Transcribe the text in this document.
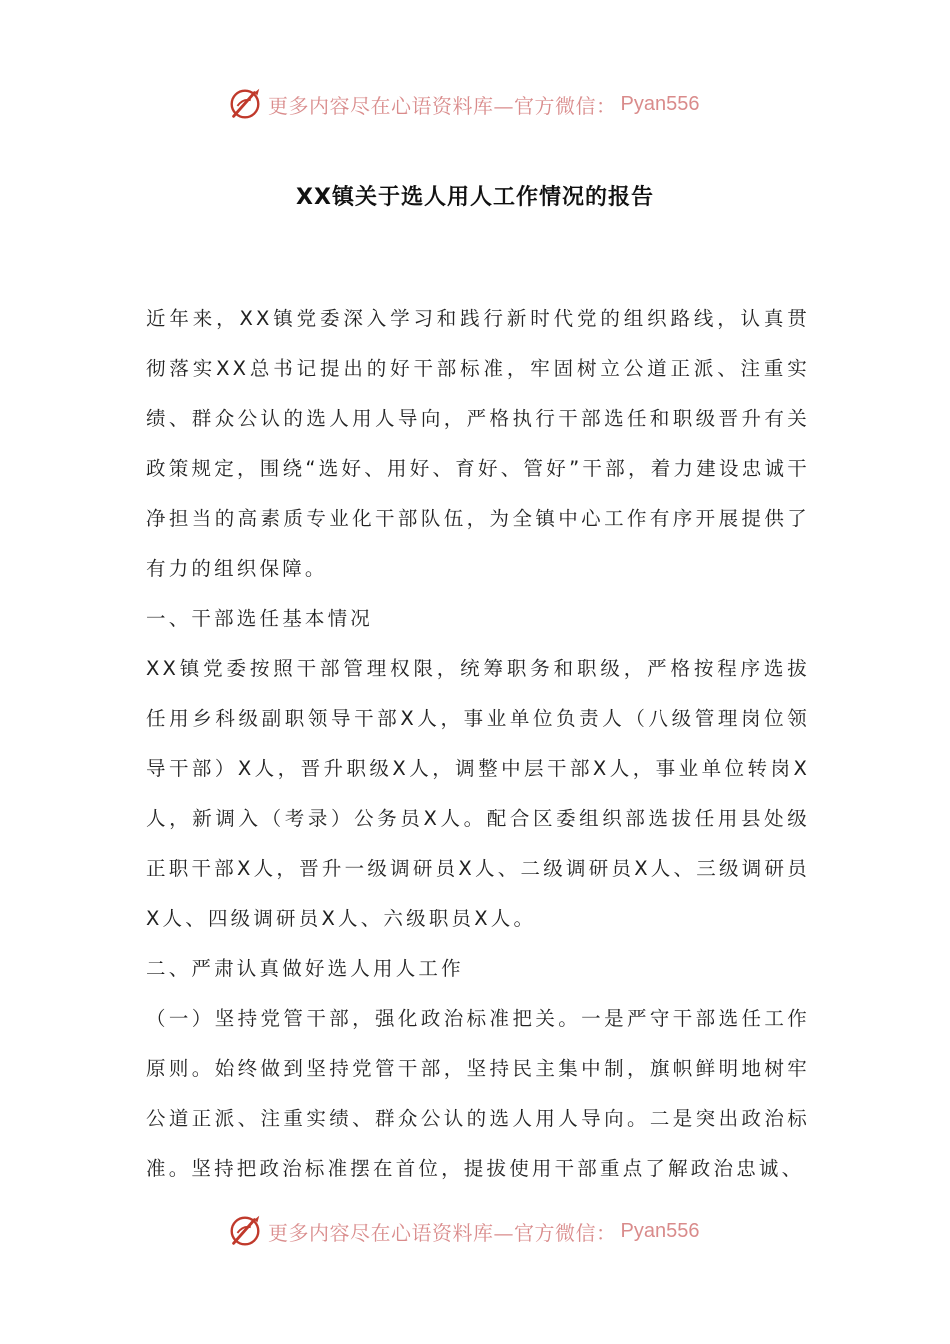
更多内容尽在心语资料库—官方微信： Pyan556
XX镇关于选人用人工作情况的报告

近年来，XX镇党委深入学习和践行新时代党的组织路线，认真贯彻落实XX总书记提出的好干部标准，牢固树立公道正派、注重实绩、群众公认的选人用人导向，严格执行干部选任和职级晋升有关政策规定，围绕“选好、用好、育好、管好”干部，着力建设忠诚干净担当的高素质专业化干部队伍，为全镇中心工作有序开展提供了有力的组织保障。

一、干部选任基本情况

XX镇党委按照干部管理权限，统筹职务和职级，严格按程序选拔任用乡科级副职领导干部X人，事业单位负责人（八级管理岗位领导干部）X人，晋升职级X人，调整中层干部X人，事业单位转岗X人，新调入（考录）公务员X人。配合区委组织部选拔任用县处级正职干部X人，晋升一级调研员X人、二级调研员X人、三级调研员X人、四级调研员X人、六级职员X人。

二、严肃认真做好选人用人工作

（一）坚持党管干部，强化政治标准把关。一是严守干部选任工作原则。始终做到坚持党管干部，坚持民主集中制，旗帜鲜明地树牢公道正派、注重实绩、群众公认的选人用人导向。二是突出政治标准。坚持把政治标准摆在首位，提拔使用干部重点了解政治忠诚、

更多内容尽在心语资料库—官方微信： Pyan556
